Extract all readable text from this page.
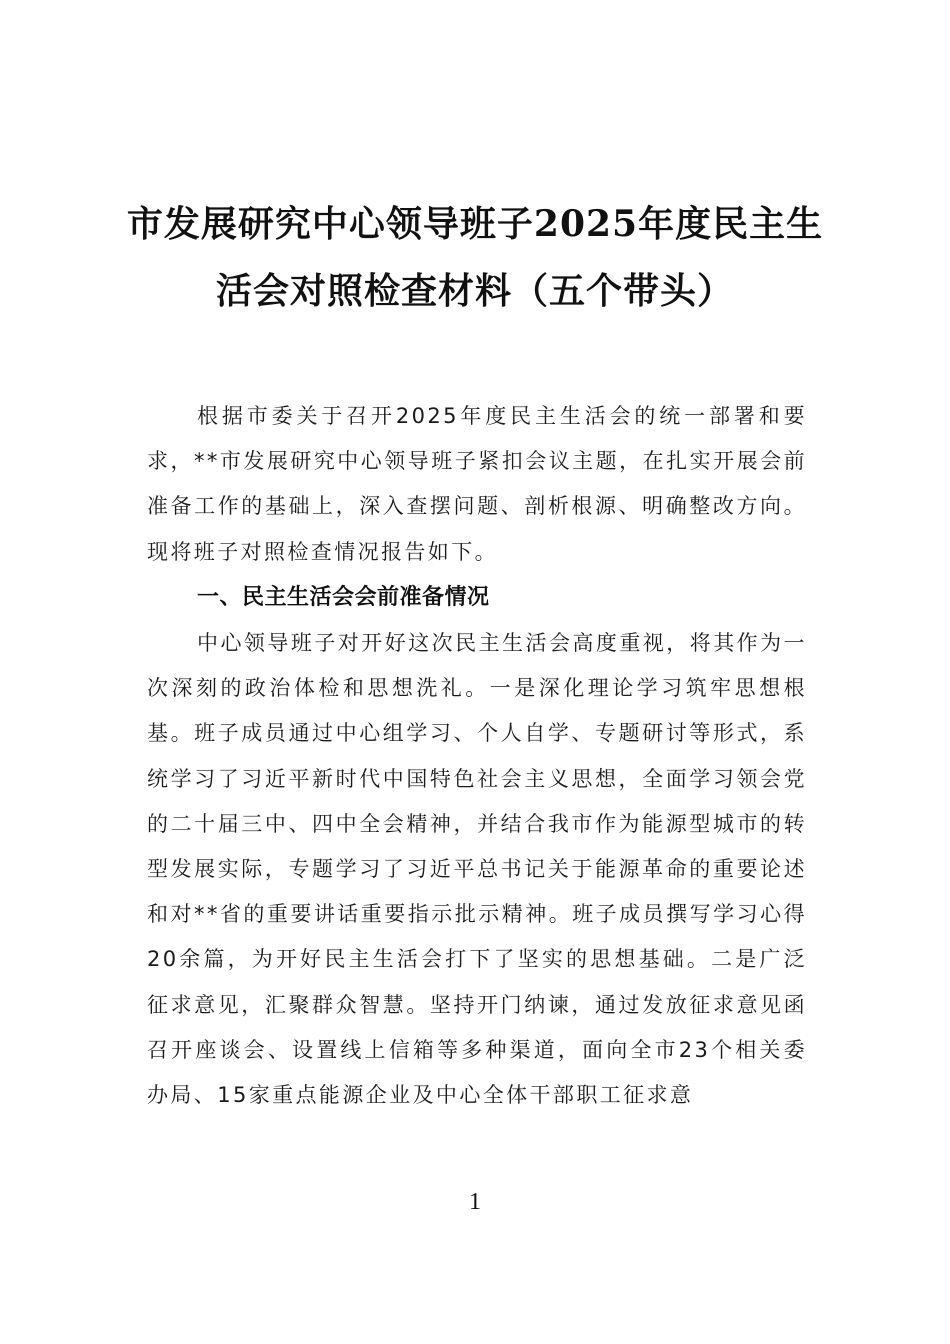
市发展研究中心领导班子2025年度民主生
活会对照检查材料（五个带头）

根据市委关于召开2025年度民主生活会的统一部署和要求，**市发展研究中心领导班子紧扣会议主题，在扎实开展会前准备工作的基础上，深入查摆问题、剖析根源、明确整改方向。现将班子对照检查情况报告如下。

一、民主生活会会前准备情况

中心领导班子对开好这次民主生活会高度重视，将其作为一次深刻的政治体检和思想洗礼。一是深化理论学习筑牢思想根基。班子成员通过中心组学习、个人自学、专题研讨等形式，系统学习了习近平新时代中国特色社会主义思想，全面学习领会党的二十届三中、四中全会精神，并结合我市作为能源型城市的转型发展实际，专题学习了习近平总书记关于能源革命的重要论述和对**省的重要讲话重要指示批示精神。班子成员撰写学习心得20余篇，为开好民主生活会打下了坚实的思想基础。二是广泛征求意见，汇聚群众智慧。坚持开门纳谏，通过发放征求意见函召开座谈会、设置线上信箱等多种渠道，面向全市23个相关委办局、15家重点能源企业及中心全体干部职工征求意

1
